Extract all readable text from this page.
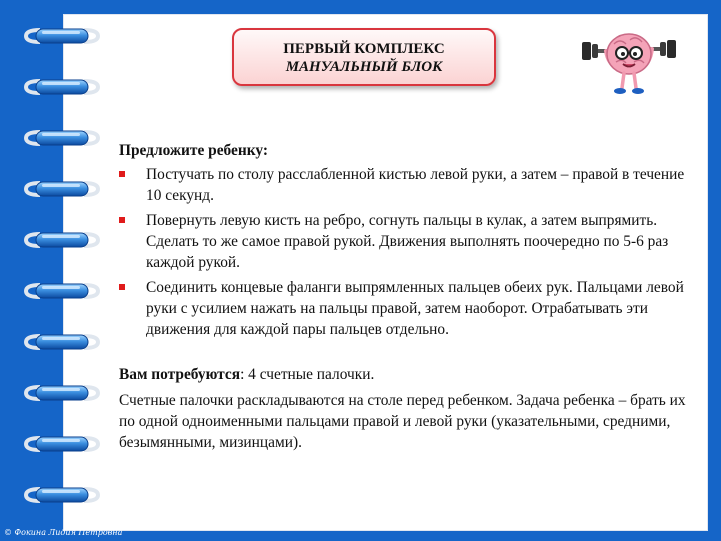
ПЕРВЫЙ КОМПЛЕКС
МАНУАЛЬНЫЙ БЛОК

Предложите ребенку:

Постучать по столу расслабленной кистью левой руки, а затем – правой в течение 10 секунд.
Повернуть левую кисть на ребро, согнуть пальцы в кулак, а затем выпрямить. Сделать то же самое правой рукой. Движения выполнять поочередно по 5-6 раз каждой рукой.
Соединить концевые фаланги выпрямленных пальцев обеих рук. Пальцами левой руки с усилием нажать на пальцы правой, затем наоборот. Отрабатывать эти движения для каждой пары пальцев отдельно.

Вам потребуются: 4 счетные палочки.

Счетные палочки раскладываются на столе перед ребенком. Задача ребенка – брать их по одной одноименными пальцами правой и левой руки (указательными, средними, безымянными, мизинцами).

© Фокина Лидия Петровна
